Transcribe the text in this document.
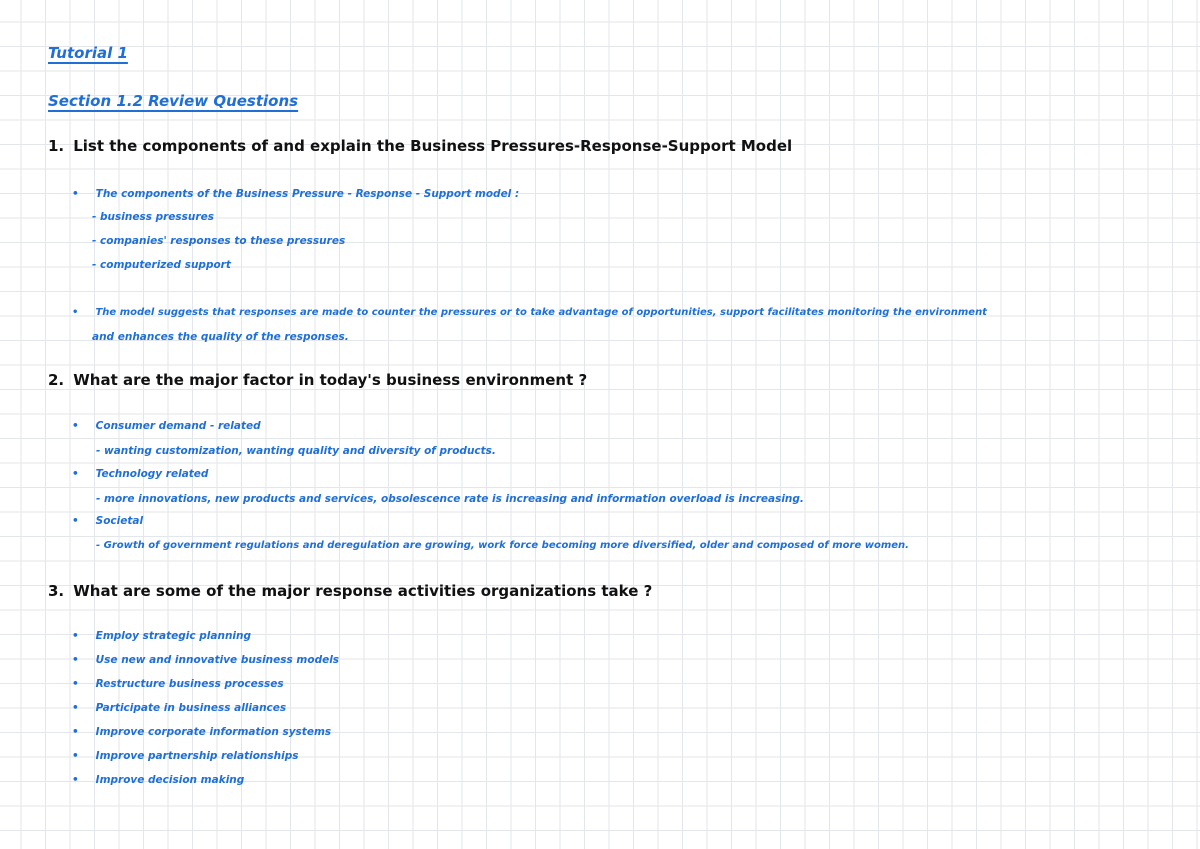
Tutorial 1
Section 1.2 Review Questions
1. List the components of and explain the Business Pressures-Response-Support Model
• The components of the Business Pressure - Response - Support model :
- business pressures
- companies' responses to these pressures
- computerized support
• The model suggests that responses are made to counter the pressures or to take advantage of opportunities, support facilitates monitoring the environment
and enhances the quality of the responses.
2. What are the major factor in today's business environment ?
• Consumer demand - related
- wanting customization, wanting quality and diversity of products.
• Technology related
- more innovations, new products and services, obsolescence rate is increasing and information overload is increasing.
• Societal
- Growth of government regulations and deregulation are growing, work force becoming more diversified, older and composed of more women.
3. What are some of the major response activities organizations take ?
• Employ strategic planning
• Use new and innovative business models
• Restructure business processes
• Participate in business alliances
• Improve corporate information systems
• Improve partnership relationships
• Improve decision making
